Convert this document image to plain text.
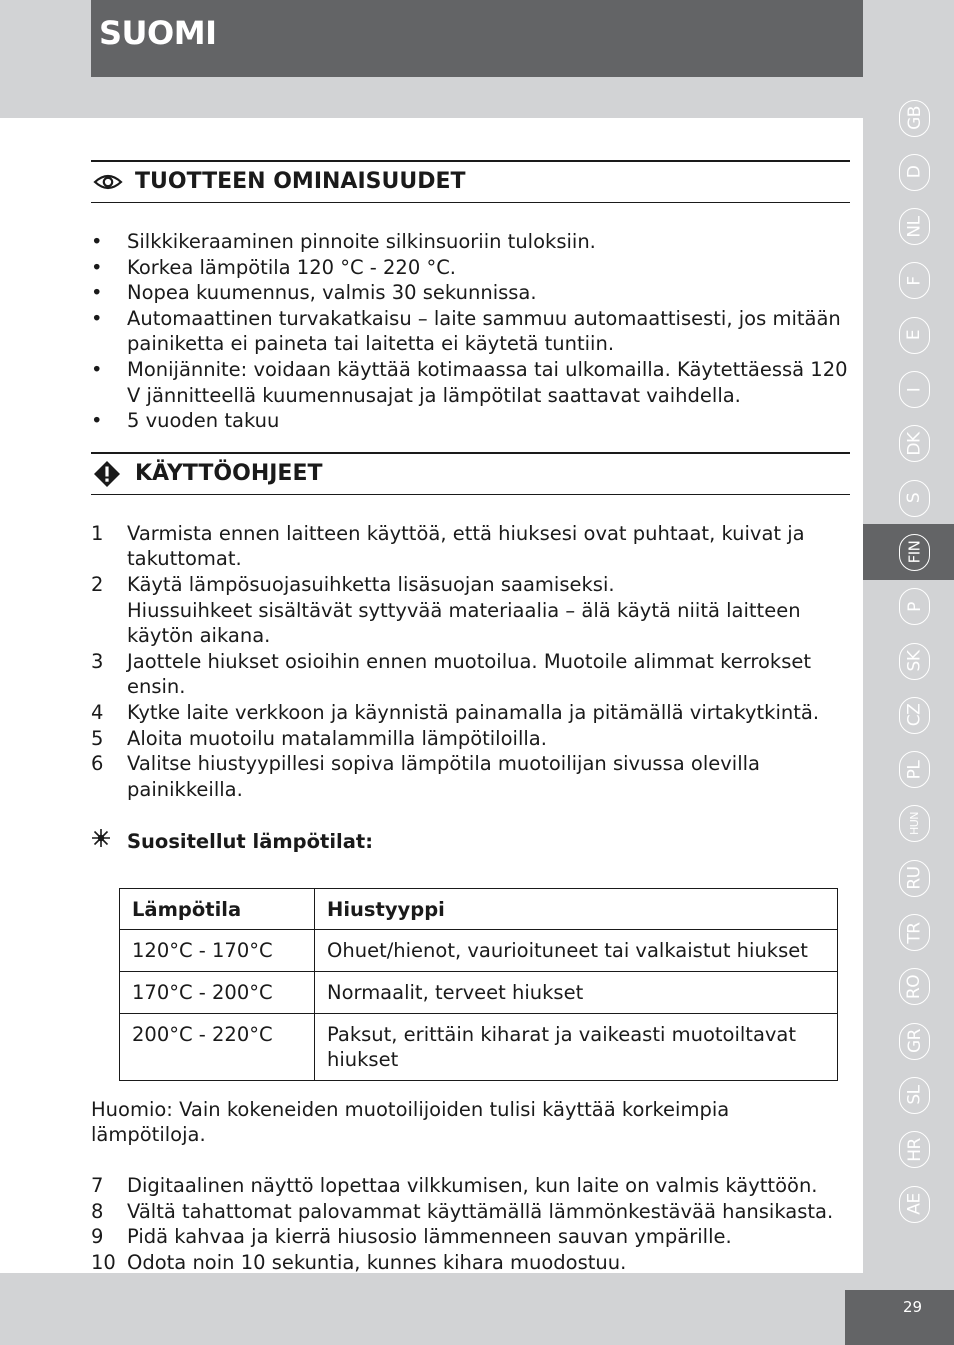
SUOMI
TUOTTEEN OMINAISUUDET
• Silkkikeraaminen pinnoite silkinsuoriin tuloksiin.
• Korkea lämpötila 120 °C - 220 °C.
• Nopea kuumennus, valmis 30 sekunnissa.
• Automaattinen turvakatkaisu – laite sammuu automaattisesti, jos mitään painiketta ei paineta tai laitetta ei käytetä tuntiin.
• Monijännite: voidaan käyttää kotimaassa tai ulkomailla. Käytettäessä 120 V jännitteellä kuumennusajat ja lämpötilat saattavat vaihdella.
• 5 vuoden takuu
KÄYTTÖOHJEET
1	Varmista ennen laitteen käyttöä, että hiuksesi ovat puhtaat, kuivat ja takuttomat.
2	Käytä lämpösuojasuihketta lisäsuojan saamiseksi.
Hiussuihkeet sisältävät syttyvää materiaalia – älä käytä niitä laitteen käytön aikana.
3	Jaottele hiukset osioihin ennen muotoilua. Muotoile alimmat kerrokset ensin.
4	Kytke laite verkkoon ja käynnistä painamalla ja pitämällä virtakytkintä.
5	Aloita muotoilu matalammilla lämpötiloilla.
6	Valitse hiustyypillesi sopiva lämpötila muotoilijan sivussa olevilla painikkeilla.
Suositellut lämpötilat:
Lämpötila	Hiustyyppi
120°C - 170°C	Ohuet/hienot, vaurioituneet tai valkaistut hiukset
170°C - 200°C	Normaalit, terveet hiukset
200°C - 220°C	Paksut, erittäin kiharat ja vaikeasti muotoiltavat hiukset
Huomio: Vain kokeneiden muotoilijoiden tulisi käyttää korkeimpia lämpötiloja.
7	Digitaalinen näyttö lopettaa vilkkumisen, kun laite on valmis käyttöön.
8	Vältä tahattomat palovammat käyttämällä lämmönkestävää hansikasta.
9	Pidä kahvaa ja kierrä hiusosio lämmenneen sauvan ympärille.
10 Odota noin 10 sekuntia, kunnes kihara muodostuu.
GB
D
NL
F
E
I
DK
S
FIN
P
SK
CZ
PL
HUN
RU
TR
RO
GR
SL
HR
AE
29
